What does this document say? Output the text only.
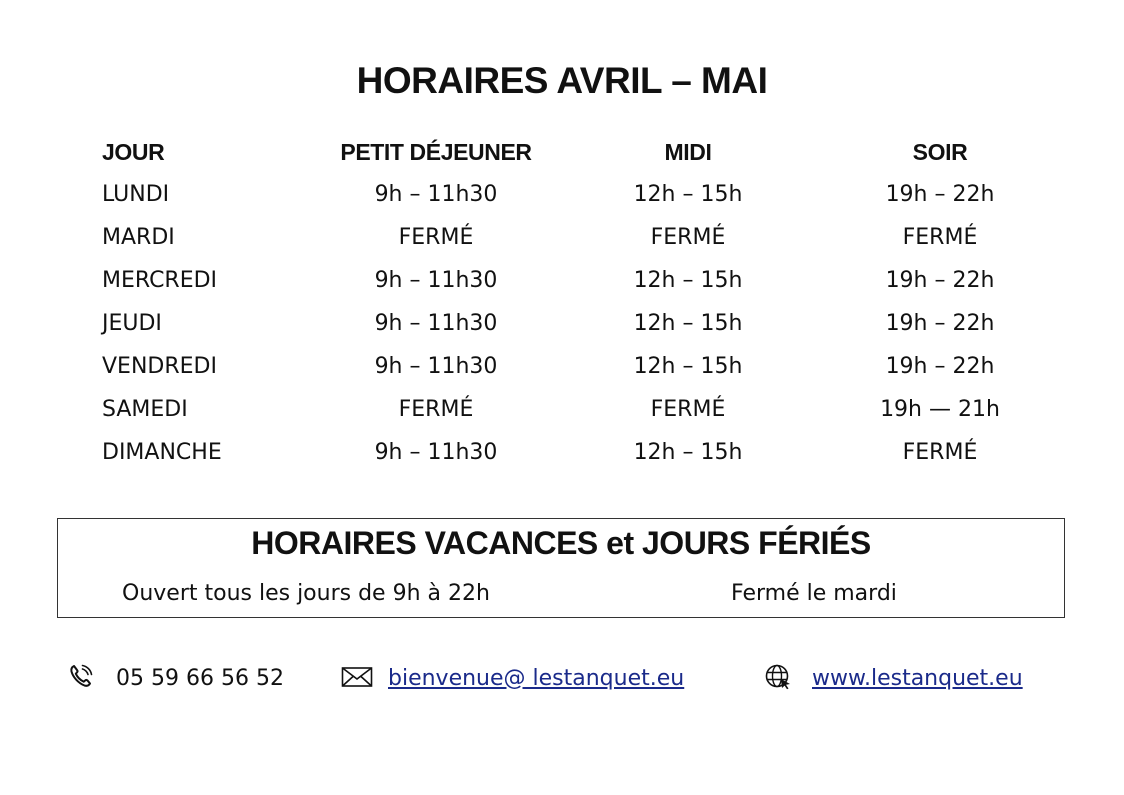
HORAIRES AVRIL – MAI
JOUR	PETIT DÉJEUNER	MIDI	SOIR
LUNDI	9h – 11h30	12h – 15h	19h – 22h
MARDI	FERMÉ	FERMÉ	FERMÉ
MERCREDI	9h – 11h30	12h – 15h	19h – 22h
JEUDI	9h – 11h30	12h – 15h	19h – 22h
VENDREDI	9h – 11h30	12h – 15h	19h – 22h
SAMEDI	FERMÉ	FERMÉ	19h — 21h
DIMANCHE	9h – 11h30	12h – 15h	FERMÉ
HORAIRES VACANCES et JOURS FÉRIÉS
Ouvert tous les jours de 9h à 22h	Fermé le mardi
05 59 66 56 52	bienvenue@ lestanquet.eu	www.lestanquet.eu
